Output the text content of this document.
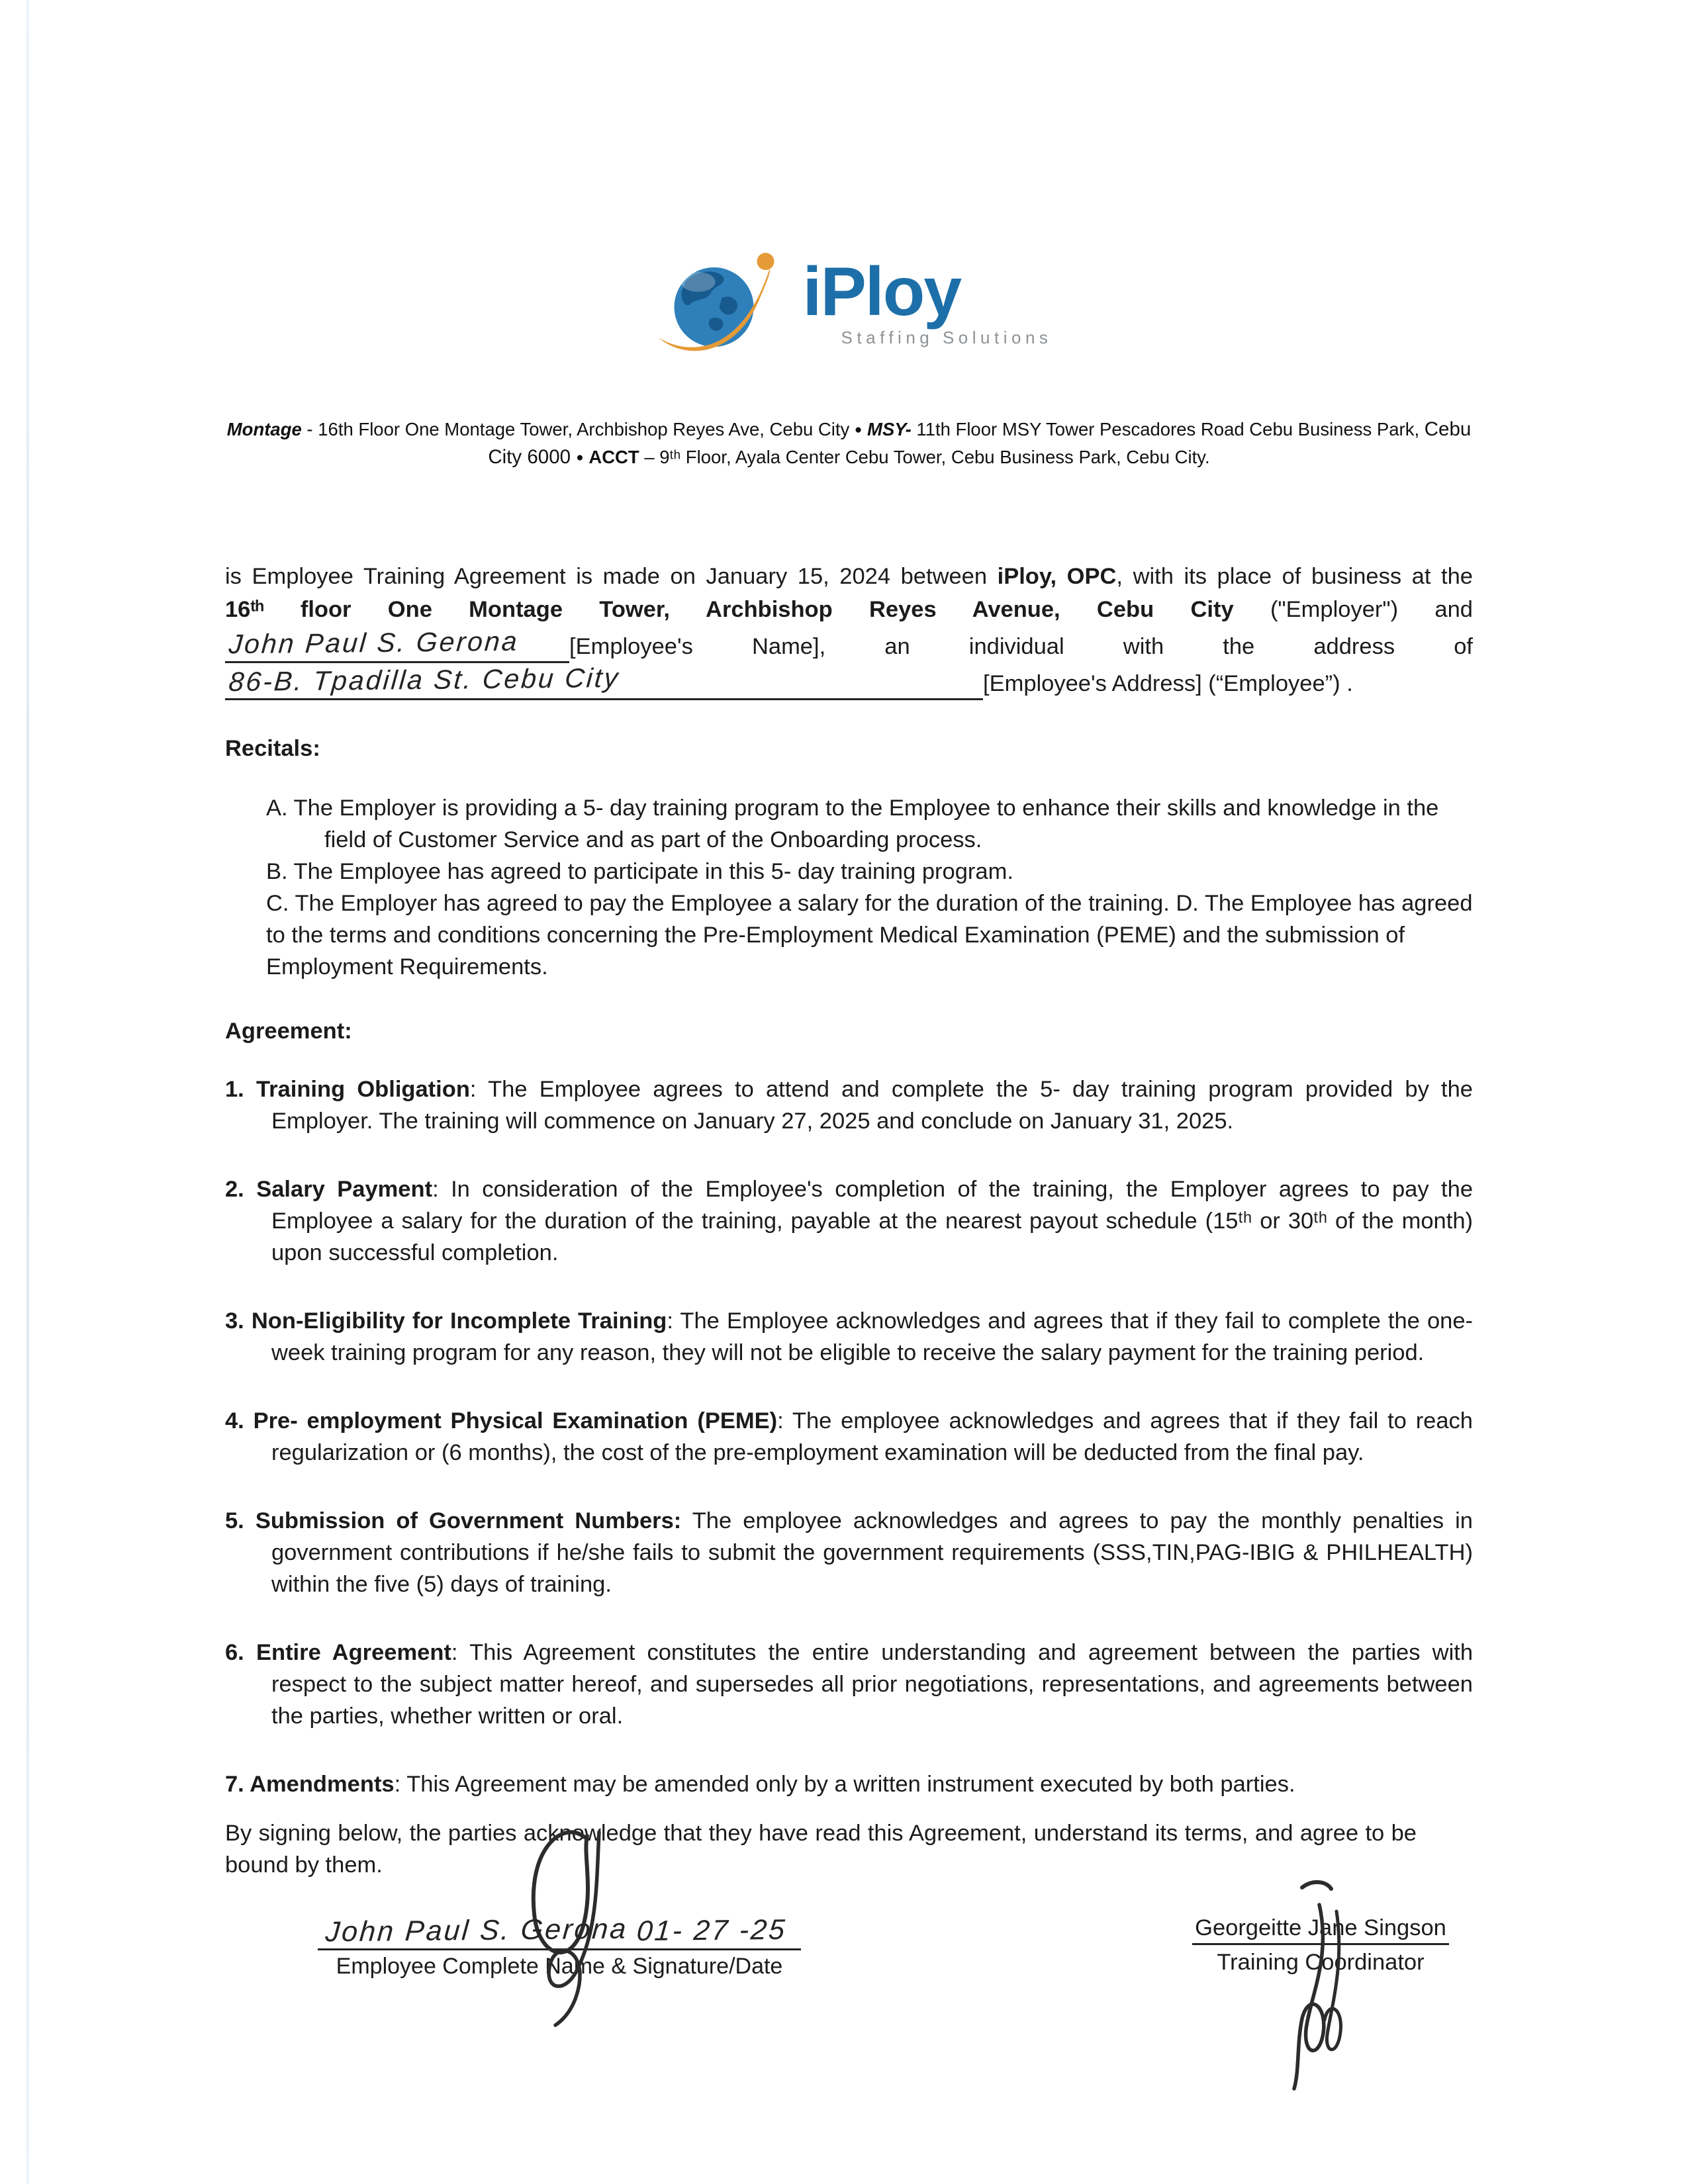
iPloy
Staffing Solutions
Montage - 16th Floor One Montage Tower, Archbishop Reyes Ave, Cebu City ● MSY- 11th Floor MSY Tower Pescadores Road Cebu Business Park, Cebu
City 6000 ● ACCT – 9ᵗʰ Floor, Ayala Center Cebu Tower, Cebu Business Park, Cebu City.
is Employee Training Agreement is made on January 15, 2024 between iPloy, OPC, with its place of business at the
16ᵗʰ floor One Montage Tower, Archbishop Reyes Avenue, Cebu City ("Employer") and
John Paul S. Gerona [Employee's Name], an individual with the address of
86-B. Tpadilla St. Cebu City	[Employee's Address] (“Employee”) .
Recitals:
A. The Employer is providing a 5- day training program to the Employee to enhance their skills and knowledge in the field of Customer Service and as part of the Onboarding process.
B. The Employee has agreed to participate in this 5- day training program.
C. The Employer has agreed to pay the Employee a salary for the duration of the training. D. The Employee has agreed to the terms and conditions concerning the Pre-Employment Medical Examination (PEME) and the submission of Employment Requirements.
Agreement:
1. Training Obligation: The Employee agrees to attend and complete the 5- day training program provided by the Employer. The training will commence on January 27, 2025 and conclude on January 31, 2025.
2. Salary Payment: In consideration of the Employee's completion of the training, the Employer agrees to pay the Employee a salary for the duration of the training, payable at the nearest payout schedule (15ᵗʰ or 30ᵗʰ of the month) upon successful completion.
3. Non-Eligibility for Incomplete Training: The Employee acknowledges and agrees that if they fail to complete the one-week training program for any reason, they will not be eligible to receive the salary payment for the training period.
4. Pre- employment Physical Examination (PEME): The employee acknowledges and agrees that if they fail to reach regularization or (6 months), the cost of the pre-employment examination will be deducted from the final pay.
5. Submission of Government Numbers: The employee acknowledges and agrees to pay the monthly penalties in government contributions if he/she fails to submit the government requirements (SSS,TIN,PAG-IBIG & PHILHEALTH) within the five (5) days of training.
6. Entire Agreement: This Agreement constitutes the entire understanding and agreement between the parties with respect to the subject matter hereof, and supersedes all prior negotiations, representations, and agreements between the parties, whether written or oral.
7. Amendments: This Agreement may be amended only by a written instrument executed by both parties.
By signing below, the parties acknowledge that they have read this Agreement, understand its terms, and agree to be bound by them.
John Paul S. Gerona 01- 27 -25
Employee Complete Name & Signature/Date
Georgeitte Jane Singson
Training Coordinator
